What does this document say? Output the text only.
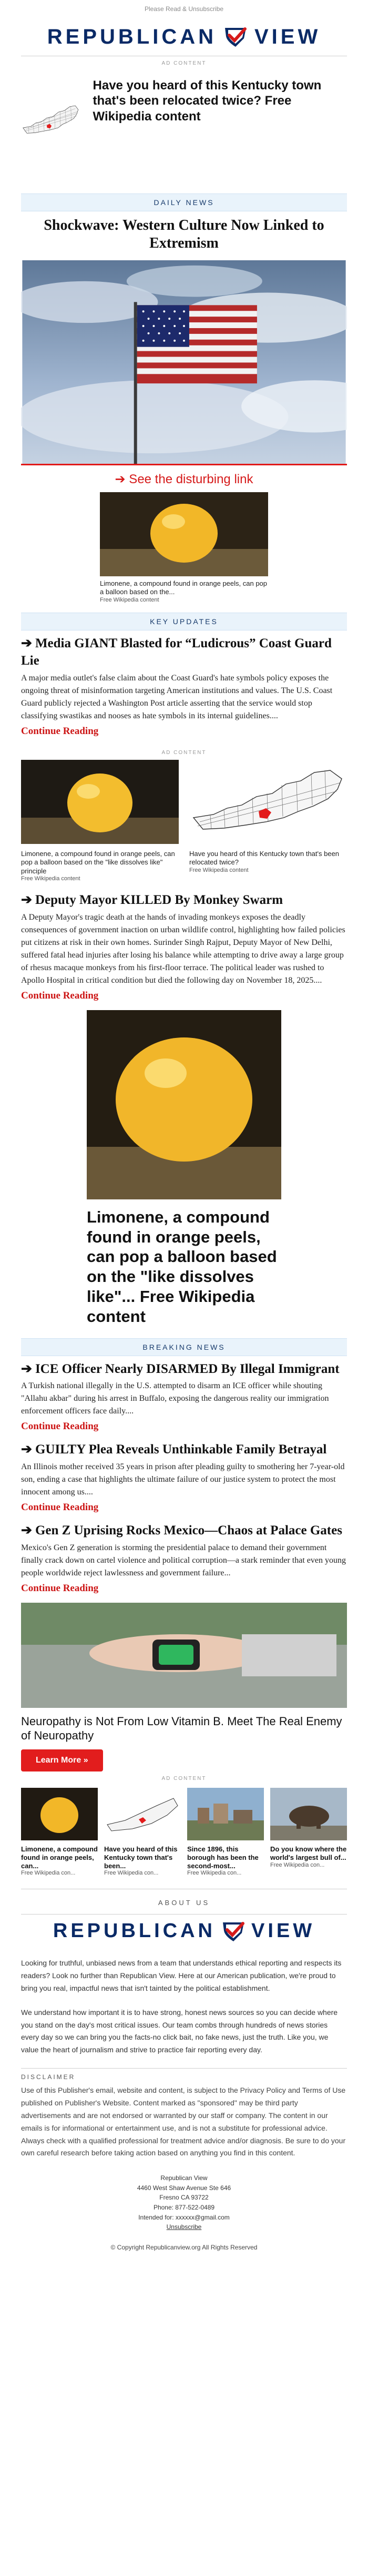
Please Read & Unsubscribe
REPUBLICAN VIEW
AD CONTENT
Have you heard of this Kentucky town that's been relocated twice? Free Wikipedia content
DAILY NEWS
Shockwave: Western Culture Now Linked to Extremism
➔ See the disturbing link
Limonene, a compound found in orange peels, can pop a balloon based on the...
Free Wikipedia content
KEY UPDATES
➔ Media GIANT Blasted for “Ludicrous” Coast Guard Lie

A major media outlet's false claim about the Coast Guard's hate symbols policy exposes the ongoing threat of misinformation targeting American institutions and values. The U.S. Coast Guard publicly rejected a Washington Post article asserting that the service would stop classifying swastikas and nooses as hate symbols in its internal guidelines....

Continue Reading
AD CONTENT
Limonene, a compound found in orange peels, can pop a balloon based on the "like dissolves like" principle
Free Wikipedia content
Have you heard of this Kentucky town that's been relocated twice?
Free Wikipedia content
➔ Deputy Mayor KILLED By Monkey Swarm

A Deputy Mayor's tragic death at the hands of invading monkeys exposes the deadly consequences of government inaction on urban wildlife control, highlighting how failed policies put citizens at risk in their own homes. Surinder Singh Rajput, Deputy Mayor of New Delhi, suffered fatal head injuries after losing his balance while attempting to drive away a large group of rhesus macaque monkeys from his first-floor terrace. The political leader was rushed to Apollo Hospital in critical condition but died the following day on November 18, 2025....

Continue Reading
Limonene, a compound found in orange peels, can pop a balloon based on the "like dissolves like"... Free Wikipedia content
BREAKING NEWS
➔ ICE Officer Nearly DISARMED By Illegal Immigrant

A Turkish national illegally in the U.S. attempted to disarm an ICE officer while shouting "Allahu akbar" during his arrest in Buffalo, exposing the dangerous reality our immigration enforcement officers face daily....

Continue Reading
➔ GUILTY Plea Reveals Unthinkable Family Betrayal

An Illinois mother received 35 years in prison after pleading guilty to smothering her 7-year-old son, ending a case that highlights the ultimate failure of our justice system to protect the most innocent among us....

Continue Reading
➔ Gen Z Uprising Rocks Mexico—Chaos at Palace Gates

Mexico's Gen Z generation is storming the presidential palace to demand their government finally crack down on cartel violence and political corruption—a stark reminder that even young people worldwide reject lawlessness and government failure...

Continue Reading
Neuropathy is Not From Low Vitamin B. Meet The Real Enemy of Neuropathy
Learn More »
AD CONTENT
Limonene, a compound found in orange peels, can...
Free Wikipedia con...
Have you heard of this Kentucky town that's been...
Free Wikipedia con...
Since 1896, this borough has been the second-most...
Free Wikipedia con...
Do you know where the world's largest bull of...
Free Wikipedia con...
ABOUT US
REPUBLICAN VIEW

Looking for truthful, unbiased news from a team that understands ethical reporting and respects its readers? Look no further than Republican View. Here at our American publication, we're proud to bring you real, impactful news that isn't tainted by the political establishment.

We understand how important it is to have strong, honest news sources so you can decide where you stand on the day's most critical issues. Our team combs through hundreds of news stories every day so we can bring you the facts-no click bait, no fake news, just the truth. Like you, we value the heart of journalism and strive to practice fair reporting every day.

DISCLAIMER
Use of this Publisher's email, website and content, is subject to the Privacy Policy and Terms of Use published on Publisher's Website. Content marked as "sponsored" may be third party advertisements and are not endorsed or warranted by our staff or company. The content in our emails is for informational or entertainment use, and is not a substitute for professional advice. Always check with a qualified professional for treatment advice and/or diagnosis. Be sure to do your own careful research before taking action based on anything you find in this content.
Republican View
4460 West Shaw Avenue Ste 646
Fresno CA 93722
Phone: 877-522-0489
Intended for: xxxxxx@gmail.com
Unsubscribe
© Copyright Republicanview.org All Rights Reserved
